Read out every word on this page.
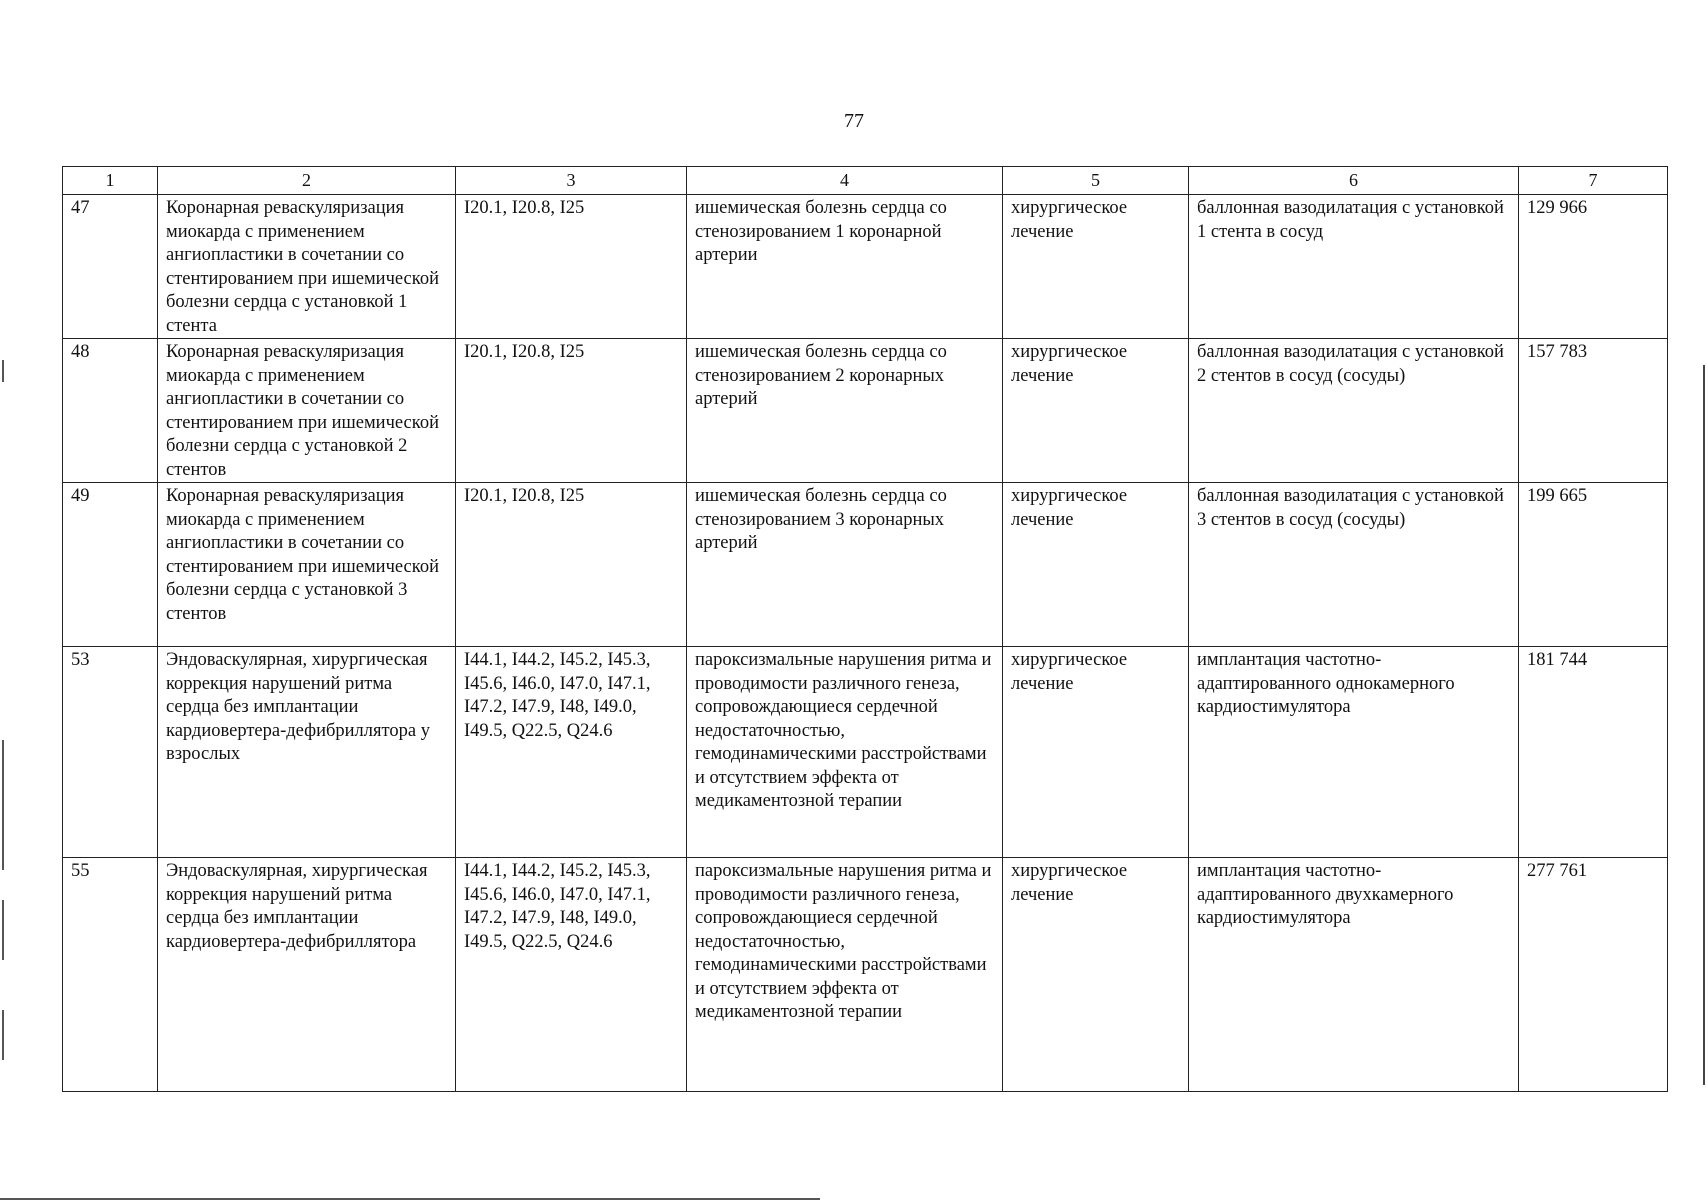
77
1	2	3	4	5	6	7
47	Коронарная реваскуляризация миокарда с применением ангиопластики в сочетании со стентированием при ишемической болезни сердца с установкой 1 стента	I20.1, I20.8, I25	ишемическая болезнь сердца со стенозированием 1 коронарной артерии	хирургическое лечение	баллонная вазодилатация с установкой 1 стента в сосуд	129 966
48	Коронарная реваскуляризация миокарда с применением ангиопластики в сочетании со стентированием при ишемической болезни сердца с установкой 2 стентов	I20.1, I20.8, I25	ишемическая болезнь сердца со стенозированием 2 коронарных артерий	хирургическое лечение	баллонная вазодилатация с установкой 2 стентов в сосуд (сосуды)	157 783
49	Коронарная реваскуляризация миокарда с применением ангиопластики в сочетании со стентированием при ишемической болезни сердца с установкой 3 стентов	I20.1, I20.8, I25	ишемическая болезнь сердца со стенозированием 3 коронарных артерий	хирургическое лечение	баллонная вазодилатация с установкой 3 стентов в сосуд (сосуды)	199 665
53	Эндоваскулярная, хирургическая коррекция нарушений ритма сердца без имплантации кардиовертера-дефибриллятора у взрослых	I44.1, I44.2, I45.2, I45.3, I45.6, I46.0, I47.0, I47.1, I47.2, I47.9, I48, I49.0, I49.5, Q22.5, Q24.6	пароксизмальные нарушения ритма и проводимости различного генеза, сопровождающиеся сердечной недостаточностью, гемодинамическими расстройствами и отсутствием эффекта от медикаментозной терапии	хирургическое лечение	имплантация частотно-адаптированного однокамерного кардиостимулятора	181 744
55	Эндоваскулярная, хирургическая коррекция нарушений ритма сердца без имплантации кардиовертера-дефибриллятора	I44.1, I44.2, I45.2, I45.3, I45.6, I46.0, I47.0, I47.1, I47.2, I47.9, I48, I49.0, I49.5, Q22.5, Q24.6	пароксизмальные нарушения ритма и проводимости различного генеза, сопровождающиеся сердечной недостаточностью, гемодинамическими расстройствами и отсутствием эффекта от медикаментозной терапии	хирургическое лечение	имплантация частотно-адаптированного двухкамерного кардиостимулятора	277 761
